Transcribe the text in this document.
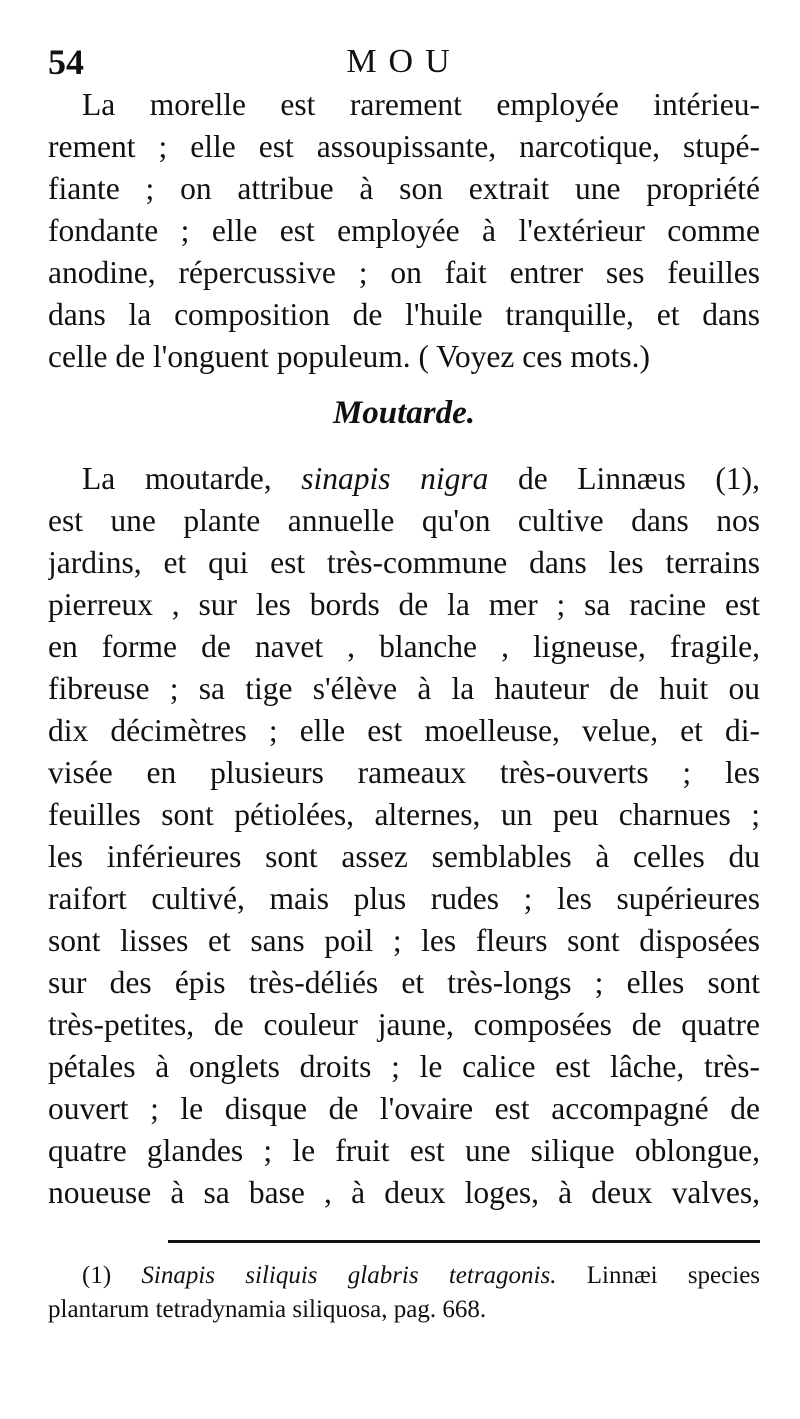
54	MOU
La morelle est rarement employée intérieu-
rement ; elle est assoupissante, narcotique, stupé-
fiante ; on attribue à son extrait une propriété
fondante ; elle est employée à l'extérieur comme
anodine, répercussive ; on fait entrer ses feuilles
dans la composition de l'huile tranquille, et dans
celle de l'onguent populeum. ( Voyez ces mots.)
Moutarde.
La moutarde, sinapis nigra de Linnæus (1),
est une plante annuelle qu'on cultive dans nos
jardins, et qui est très-commune dans les terrains
pierreux , sur les bords de la mer ; sa racine est
en forme de navet , blanche , ligneuse, fragile,
fibreuse ; sa tige s'élève à la hauteur de huit ou
dix décimètres ; elle est moelleuse, velue, et di-
visée en plusieurs rameaux très-ouverts ; les
feuilles sont pétiolées, alternes, un peu charnues ;
les inférieures sont assez semblables à celles du
raifort cultivé, mais plus rudes ; les supérieures
sont lisses et sans poil ; les fleurs sont disposées
sur des épis très-déliés et très-longs ; elles sont
très-petites, de couleur jaune, composées de quatre
pétales à onglets droits ; le calice est lâche, très-
ouvert ; le disque de l'ovaire est accompagné de
quatre glandes ; le fruit est une silique oblongue,
noueuse à sa base , à deux loges, à deux valves,
(1) Sinapis siliquis glabris tetragonis. Linnæi species
plantarum tetradynamia siliquosa, pag. 668.
